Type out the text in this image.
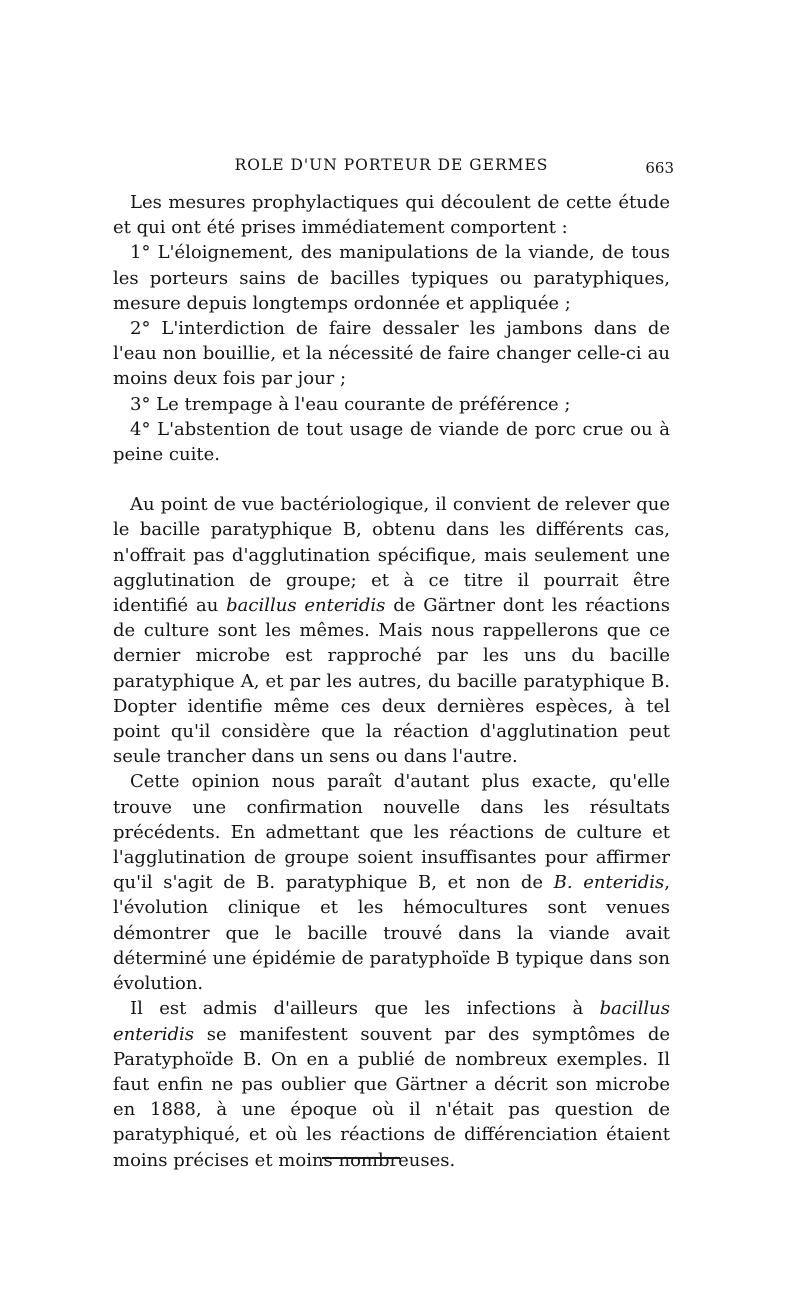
ROLE D'UN PORTEUR DE GERMES	663

Les mesures prophylactiques qui découlent de cette étude et qui ont été prises immédiatement comportent :

1° L'éloignement, des manipulations de la viande, de tous les porteurs sains de bacilles typiques ou paratyphiques, mesure depuis longtemps ordonnée et appliquée ;

2° L'interdiction de faire dessaler les jambons dans de l'eau non bouillie, et la nécessité de faire changer celle-ci au moins deux fois par jour ;

3° Le trempage à l'eau courante de préférence ;

4° L'abstention de tout usage de viande de porc crue ou à peine cuite.

Au point de vue bactériologique, il convient de relever que le bacille paratyphique B, obtenu dans les différents cas, n'offrait pas d'agglutination spécifique, mais seulement une agglutination de groupe; et à ce titre il pourrait être identifié au bacillus enteridis de Gärtner dont les réactions de culture sont les mêmes. Mais nous rappellerons que ce dernier microbe est rapproché par les uns du bacille paratyphique A, et par les autres, du bacille paratyphique B. Dopter identifie même ces deux dernières espèces, à tel point qu'il considère que la réaction d'agglutination peut seule trancher dans un sens ou dans l'autre.

Cette opinion nous paraît d'autant plus exacte, qu'elle trouve une confirmation nouvelle dans les résultats précédents. En admettant que les réactions de culture et l'agglutination de groupe soient insuffisantes pour affirmer qu'il s'agit de B. paratyphique B, et non de B. enteridis, l'évolution clinique et les hémocultures sont venues démontrer que le bacille trouvé dans la viande avait déterminé une épidémie de paratyphoïde B typique dans son évolution.

Il est admis d'ailleurs que les infections à bacillus enteridis se manifestent souvent par des symptômes de Paratyphoïde B. On en a publié de nombreux exemples. Il faut enfin ne pas oublier que Gärtner a décrit son microbe en 1888, à une époque où il n'était pas question de paratyphiqué, et où les réactions de différenciation étaient moins précises et moins nombreuses.
